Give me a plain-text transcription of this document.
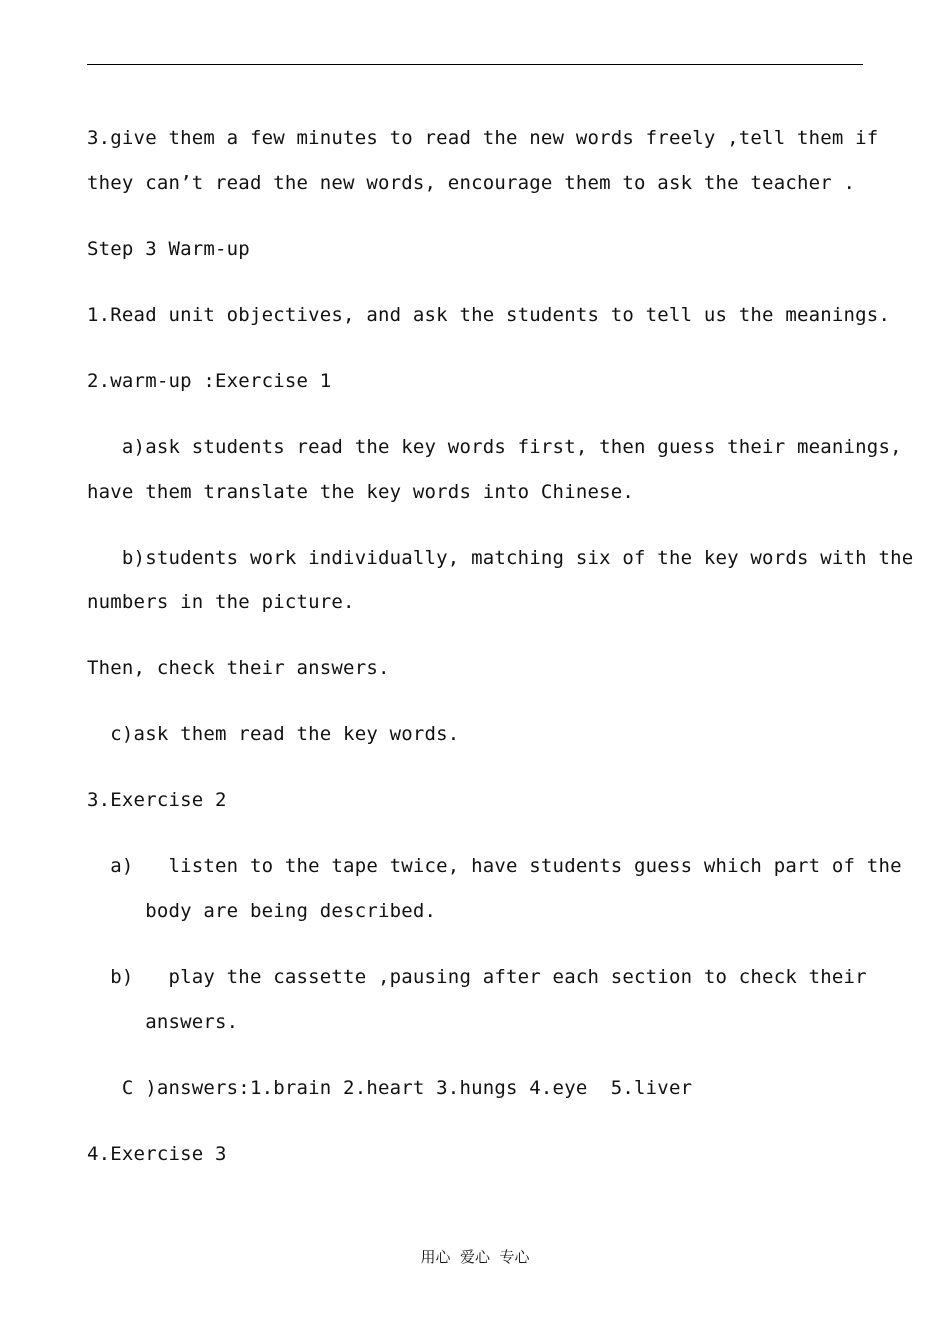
3.give them a few minutes to read the new words freely ,tell them if
they can’t read the new words, encourage them to ask the teacher .
Step 3 Warm-up
1.Read unit objectives, and ask the students to tell us the meanings.
2.warm-up :Exercise 1
a)ask students read the key words first, then guess their meanings,
have them translate the key words into Chinese.
b)students work individually, matching six of the key words with the
numbers in the picture.
Then, check their answers.
c)ask them read the key words.
3.Exercise 2
a)   listen to the tape twice, have students guess which part of the
body are being described.
b)   play the cassette ,pausing after each section to check their
answers.
C )answers:1.brain 2.heart 3.hungs 4.eye  5.liver
4.Exercise 3
用心  爱心  专心
